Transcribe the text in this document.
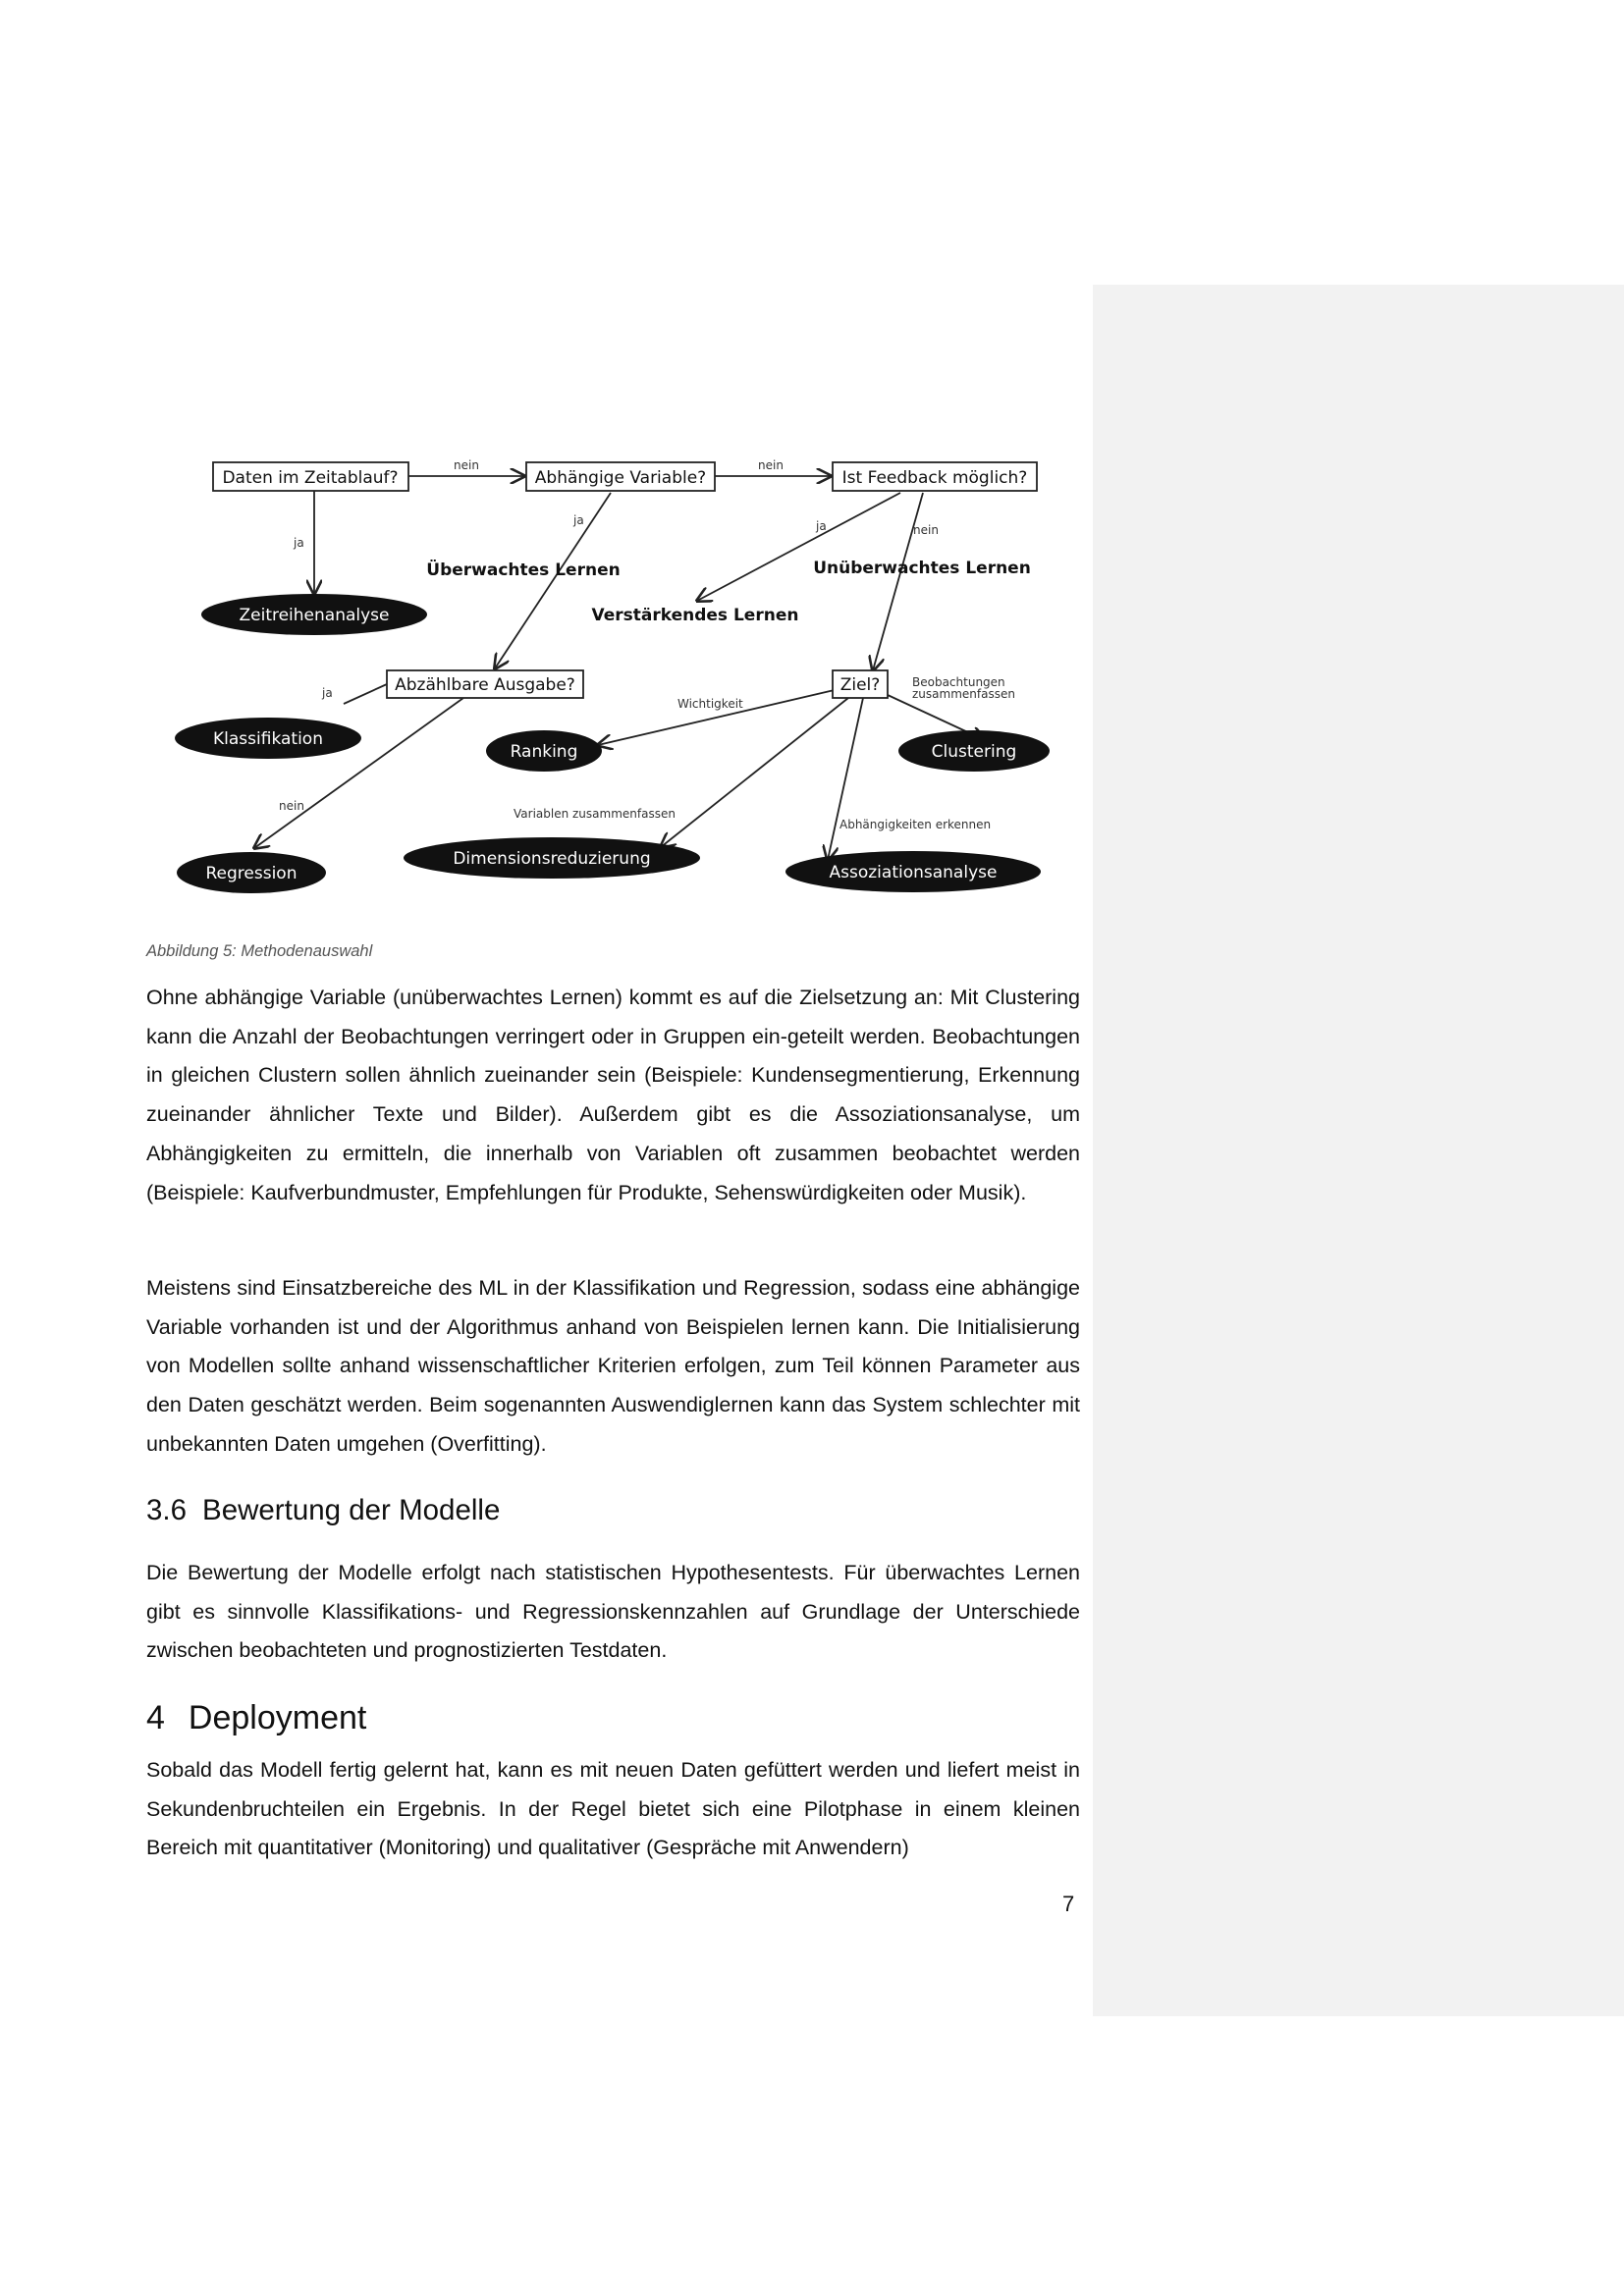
Daten im Zeitablauf?	Abhängige Variable?	Ist Feedback möglich?
Abzählbare Ausgabe?	Ziel?
Zeitreihenanalyse
Klassifikation
Regression
Ranking	Clustering
Dimensionsreduzierung
Assoziationsanalyse
Überwachtes Lernen	Unüberwachtes Lernen
Verstärkendes Lernen
nein	nein
ja
ja	ja	nein
ja
nein
Wichtigkeit
Beobachtungen
zusammenfassen
Variablen zusammenfassen
Abhängigkeiten erkennen
Abbildung 5: Methodenauswahl

Ohne abhängige Variable (unüberwachtes Lernen) kommt es auf die Zielsetzung an: Mit Clustering kann die Anzahl der Beobachtungen verringert oder in Gruppen ein-geteilt werden. Beobachtungen in gleichen Clustern sollen ähnlich zueinander sein (Beispiele: Kundensegmentierung, Erkennung zueinander ähnlicher Texte und Bilder). Außerdem gibt es die Assoziationsanalyse, um Abhängigkeiten zu ermitteln, die innerhalb von Variablen oft zusammen beobachtet werden (Beispiele: Kaufverbundmuster, Empfehlungen für Produkte, Sehenswürdigkeiten oder Musik).

Meistens sind Einsatzbereiche des ML in der Klassifikation und Regression, sodass eine abhängige Variable vorhanden ist und der Algorithmus anhand von Beispielen lernen kann. Die Initialisierung von Modellen sollte anhand wissenschaftlicher Kriterien erfolgen, zum Teil können Parameter aus den Daten geschätzt werden. Beim sogenannten Auswendiglernen kann das System schlechter mit unbekannten Daten umgehen (Overfitting).

3.6 Bewertung der Modelle

Die Bewertung der Modelle erfolgt nach statistischen Hypothesentests. Für überwachtes Lernen gibt es sinnvolle Klassifikations- und Regressionskennzahlen auf Grundlage der Unterschiede zwischen beobachteten und prognostizierten Testdaten.

4 Deployment

Sobald das Modell fertig gelernt hat, kann es mit neuen Daten gefüttert werden und liefert meist in Sekundenbruchteilen ein Ergebnis. In der Regel bietet sich eine Pilotphase in einem kleinen Bereich mit quantitativer (Monitoring) und qualitativer (Gespräche mit Anwendern)

7
